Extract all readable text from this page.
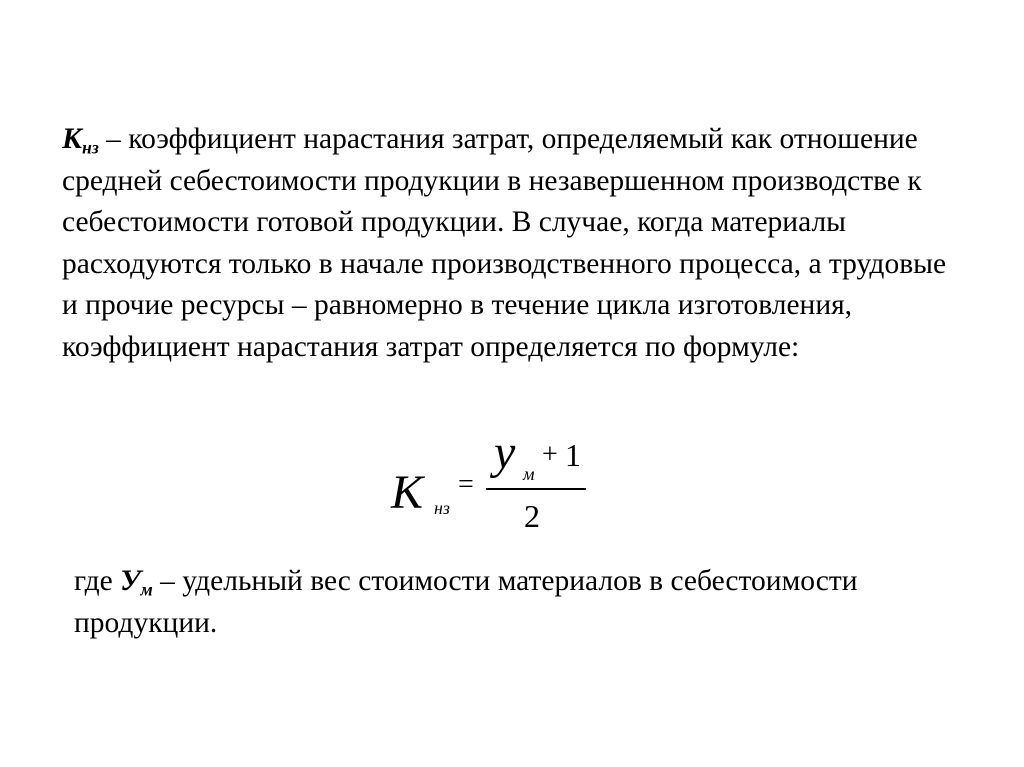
$К_{нз}$ – коэффициент нарастания затрат, определяемый как отношение средней себестоимости продукции в незавершенном производстве к себестоимости готовой продукции. В случае, когда материалы расходуются только в начале производственного процесса, а трудовые и прочие ресурсы – равномерно в течение цикла изготовления, коэффициент нарастания затрат определяется по формуле:
К нз
=
у м
+ 1
2
где $У_м$ – удельный вес стоимости материалов в себестоимости продукции.
